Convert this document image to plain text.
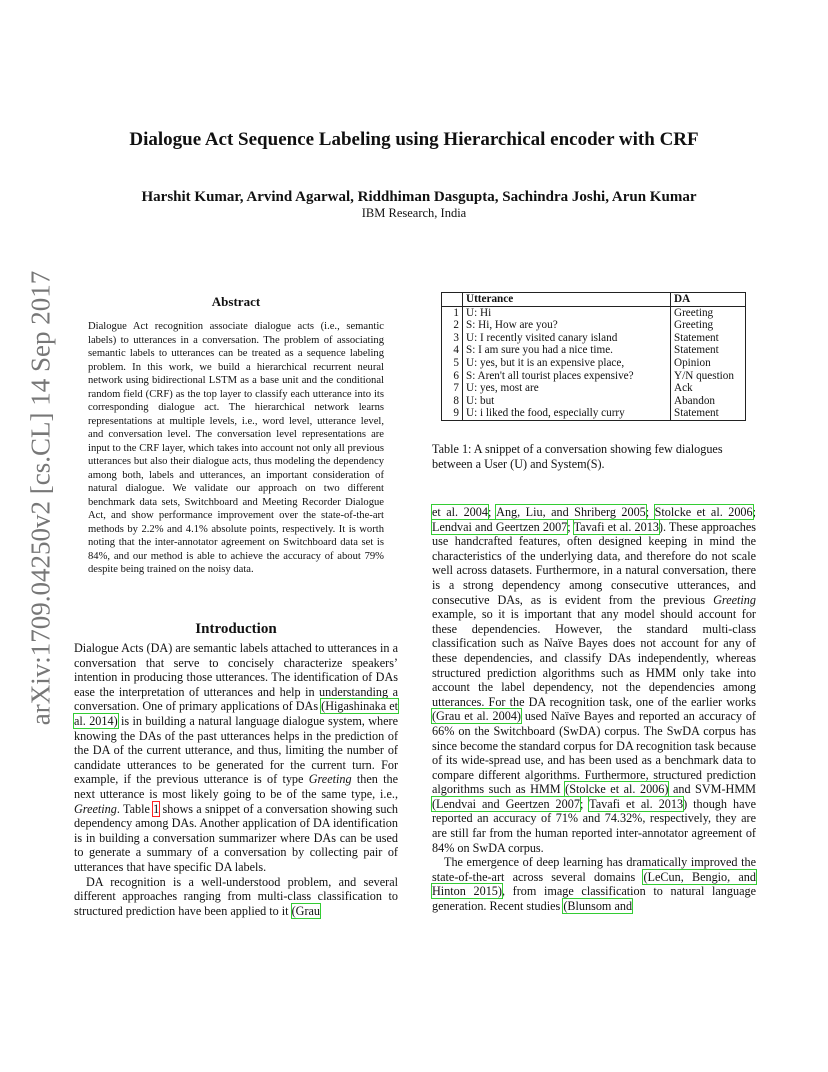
Dialogue Act Sequence Labeling using Hierarchical encoder with CRF
Harshit Kumar, Arvind Agarwal, Riddhiman Dasgupta, Sachindra Joshi, Arun Kumar
IBM Research, India
arXiv:1709.04250v2 [cs.CL] 14 Sep 2017	Abstract
Dialogue Act recognition associate dialogue acts (i.e., semantic labels) to utterances in a conversation. The problem of associating semantic labels to utterances can be treated as a sequence labeling problem. In this work, we build a hierarchical recurrent neural network using bidirectional LSTM as a base unit and the conditional random field (CRF) as the top layer to classify each utterance into its corresponding dialogue act. The hierarchical network learns representations at multiple levels, i.e., word level, utterance level, and conversation level. The conversation level representations are input to the CRF layer, which takes into account not only all previous utterances but also their dialogue acts, thus modeling the dependency among both, labels and utterances, an important consideration of natural dialogue. We validate our approach on two different benchmark data sets, Switchboard and Meeting Recorder Dialogue Act, and show performance improvement over the state-of-the-art methods by 2.2% and 4.1% absolute points, respectively. It is worth noting that the inter-annotator agreement on Switchboard data set is 84%, and our method is able to achieve the accuracy of about 79% despite being trained on the noisy data.
Introduction

Dialogue Acts (DA) are semantic labels attached to utterances in a conversation that serve to concisely characterize speakers’ intention in producing those utterances. The identification of DAs ease the interpretation of utterances and help in understanding a conversation. One of primary applications of DAs (Higashinaka et al. 2014) is in building a natural language dialogue system, where knowing the DAs of the past utterances helps in the prediction of the DA of the current utterance, and thus, limiting the number of candidate utterances to be generated for the current turn. For example, if the previous utterance is of type Greeting then the next utterance is most likely going to be of the same type, i.e., Greeting. Table 1 shows a snippet of a conversation showing such dependency among DAs. Another application of DA identification is in building a conversation summarizer where DAs can be used to generate a summary of a conversation by collecting pair of utterances that have specific DA labels.

DA recognition is a well-understood problem, and several different approaches ranging from multi-class classification to structured prediction have been applied to it (Grau

	Utterance	DA
1	U: Hi	Greeting
2	S: Hi, How are you?	Greeting
3	U: I recently visited canary island	Statement
4	S: I am sure you had a nice time.	Statement
5	U: yes, but it is an expensive place,	Opinion
6	S: Aren't all tourist places expensive?	Y/N question
7	U: yes, most are	Ack
8	U: but	Abandon
9	U: i liked the food, especially curry	Statement
Table 1: A snippet of a conversation showing few dialogues between a User (U) and System(S).

et al. 2004; Ang, Liu, and Shriberg 2005; Stolcke et al. 2006; Lendvai and Geertzen 2007; Tavafi et al. 2013). These approaches use handcrafted features, often designed keeping in mind the characteristics of the underlying data, and therefore do not scale well across datasets. Furthermore, in a natural conversation, there is a strong dependency among consecutive utterances, and consecutive DAs, as is evident from the previous Greeting example, so it is important that any model should account for these dependencies. However, the standard multi-class classification such as Naïve Bayes does not account for any of these dependencies, and classify DAs independently, whereas structured prediction algorithms such as HMM only take into account the label dependency, not the dependencies among utterances. For the DA recognition task, one of the earlier works (Grau et al. 2004) used Naïve Bayes and reported an accuracy of 66% on the Switchboard (SwDA) corpus. The SwDA corpus has since become the standard corpus for DA recognition task because of its wide-spread use, and has been used as a benchmark data to compare different algorithms. Furthermore, structured prediction algorithms such as HMM (Stolcke et al. 2006) and SVM-HMM (Lendvai and Geertzen 2007; Tavafi et al. 2013) though have reported an accuracy of 71% and 74.32%, respectively, they are are still far from the human reported inter-annotator agreement of 84% on SwDA corpus.

The emergence of deep learning has dramatically improved the state-of-the-art across several domains (LeCun, Bengio, and Hinton 2015), from image classification to natural language generation. Recent studies (Blunsom and
